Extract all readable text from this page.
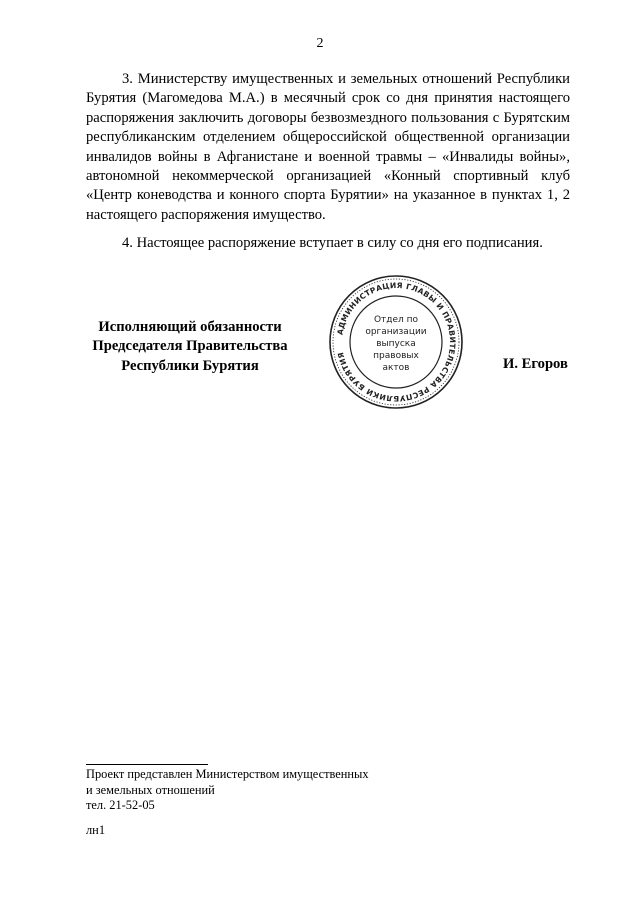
2

3. Министерству имущественных и земельных отношений Республики Бурятия (Магомедова М.А.) в месячный срок со дня принятия настоящего распоряжения заключить договоры безвозмездного пользования с Бурятским республиканским отделением общероссийской общественной организации инвалидов войны в Афганистане и военной травмы – «Инвалиды войны», автономной некоммерческой организацией «Конный спортивный клуб «Центр коневодства и конного спорта Бурятии» на указанное в пунктах 1, 2 настоящего распоряжения имущество.

4. Настоящее распоряжение вступает в силу со дня его подписания.

Исполняющий обязанности
Председателя Правительства
Республики Бурятия
АДМИНИСТРАЦИЯ ГЛАВЫ И ПРАВИТЕЛЬСТВА РЕСПУБЛИКИ БУРЯТИЯ
Отдел по
организации
выпуска
правовых
актов	И. Егоров
Проект представлен Министерством имущественных
и земельных отношений
тел. 21-52-05
лн1
